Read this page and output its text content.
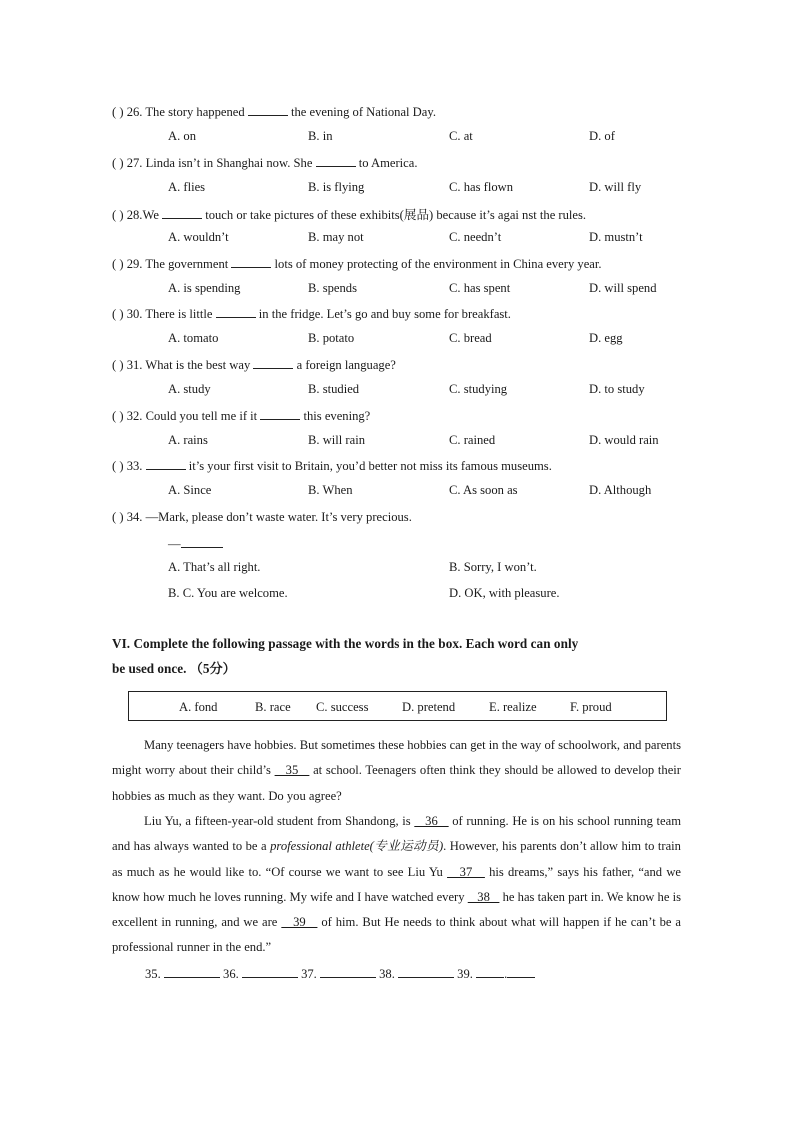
( ) 26. The story happened	the evening of National Day.
A. on	B. in	C. at	D. of
( ) 27. Linda isn’t in Shanghai now. She	to America.
A. flies	B. is flying	C. has flown	D. will fly
( ) 28.We	touch or take pictures of these exhibits(展品) because it’s agai nst the rules.
A. wouldn’t	B. may not	C. needn’t	D. mustn’t
( ) 29. The government	lots of money protecting of the environment in China every year.
A. is spending	B. spends	C. has spent	D. will spend
( ) 30. There is little	in the fridge. Let’s go and buy some for breakfast.
A. tomato	B. potato	C. bread	D. egg
( ) 31. What is the best way	a foreign language?
A. study	B. studied	C. studying	D. to study
( ) 32. Could you tell me if it	this evening?
A. rains	B. will rain	C. rained	D. would rain
( ) 33.	it’s your first visit to Britain, you’d better not miss its famous museums.
A. Since	B. When	C. As soon as	D. Although
( ) 34. —Mark, please don’t waste water. It’s very precious.
—
A. That’s all right.	B. Sorry, I won’t.
B. C. You are welcome.	D. OK, with pleasure.
VI. Complete the following passage with the words in the box. Each word can only
be used once. （5分）
A. fond	B. race C. success	D. pretend	E. realize	F. proud
Many teenagers have hobbies. But sometimes these hobbies can get in the way of schoolwork, and parents might worry about their child’s    35    at school. Teenagers often think they should be allowed to develop their hobbies as much as they want. Do you agree?
Liu Yu, a fifteen-year-old student from Shandong, is    36    of running. He is on his school running team and has always wanted to be a professional athlete(专业运动员). However, his parents don’t allow him to train as much as he would like to. “Of course we want to see Liu Yu    37    his dreams,” says his father, “and we know how much he loves running. My wife and I have watched every    38    he has taken part in. We know he is excellent in running, and we are    39    of him. But He needs to think about what will happen if he can’t be a professional runner in the end.”
35.	36.	37.	38.	39. .
